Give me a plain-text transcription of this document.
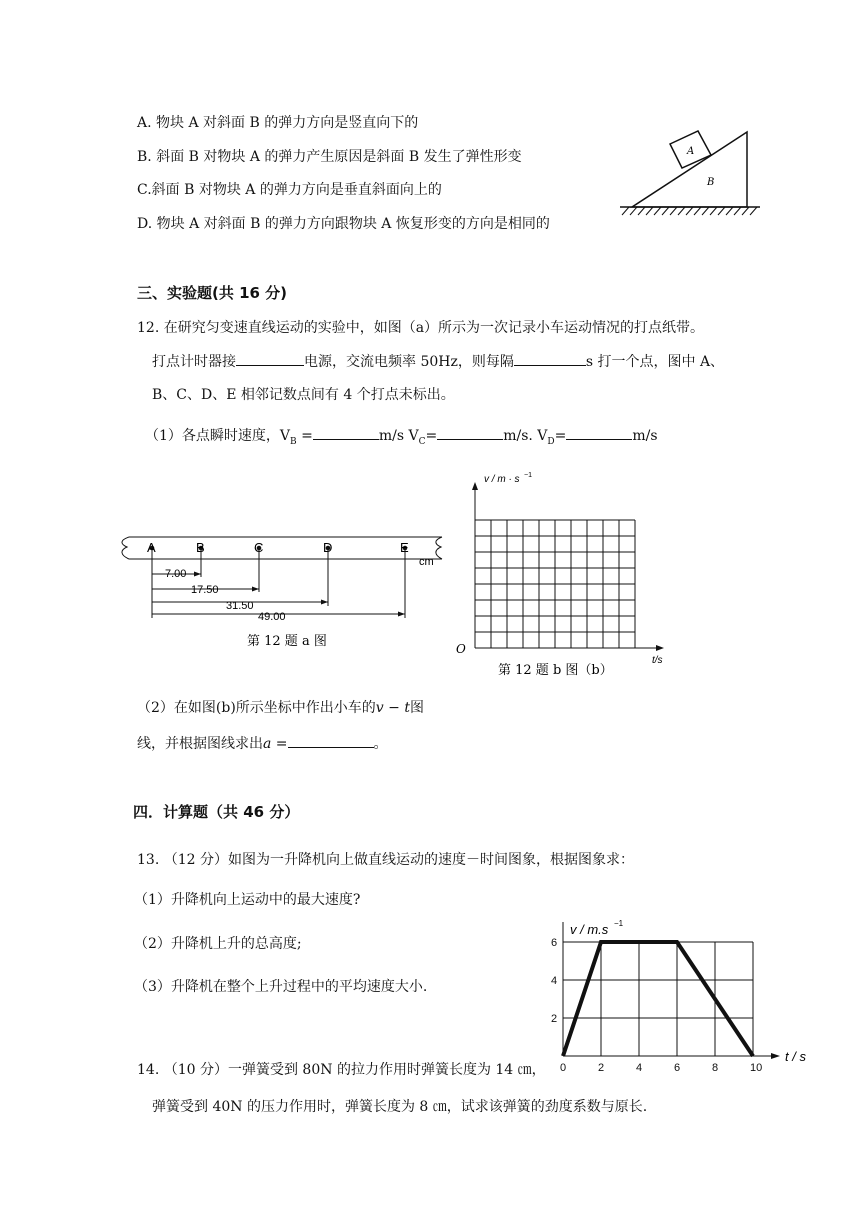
A. 物块 A 对斜面 B 的弹力方向是竖直向下的
B. 斜面 B 对物块 A 的弹力产生原因是斜面 B 发生了弹性形变
C.斜面 B 对物块 A 的弹力方向是垂直斜面向上的
D. 物块 A 对斜面 B 的弹力方向跟物块 A 恢复形变的方向是相同的
A
B
三、实验题(共 16 分)
12. 在研究匀变速直线运动的实验中，如图（a）所示为一次记录小车运动情况的打点纸带。
打点计时器接	电源，交流电频率 50Hz，则每隔	s 打一个点，图中 A、
B、C、D、E 相邻记数点间有 4 个打点未标出。
（1）各点瞬时速度，$V_B$ =	m/s $V_C=$	m/s. $V_D=$	m/s
A	B	C	D	E
cm
7.00
17.50
31.50
49.00
第 12 题 a 图
v / m · s −1
O
t/s
第 12 题 b 图（b）
（2）在如图(b)所示坐标中作出小车的v − t图
线，并根据图线求出a =	。
四．计算题（共 46 分）
13. （12 分）如图为一升降机向上做直线运动的速度－时间图象，根据图象求：
（1）升降机向上运动中的最大速度?
（2）升降机上升的总高度;
（3）升降机在整个上升过程中的平均速度大小.
0	2	4	6	8	10
2
4
6
v / m.s −1
t / s
14. （10 分）一弹簧受到 80N 的拉力作用时弹簧长度为 14 ㎝，
弹簧受到 40N 的压力作用时，弹簧长度为 8 ㎝，试求该弹簧的劲度系数与原长.
